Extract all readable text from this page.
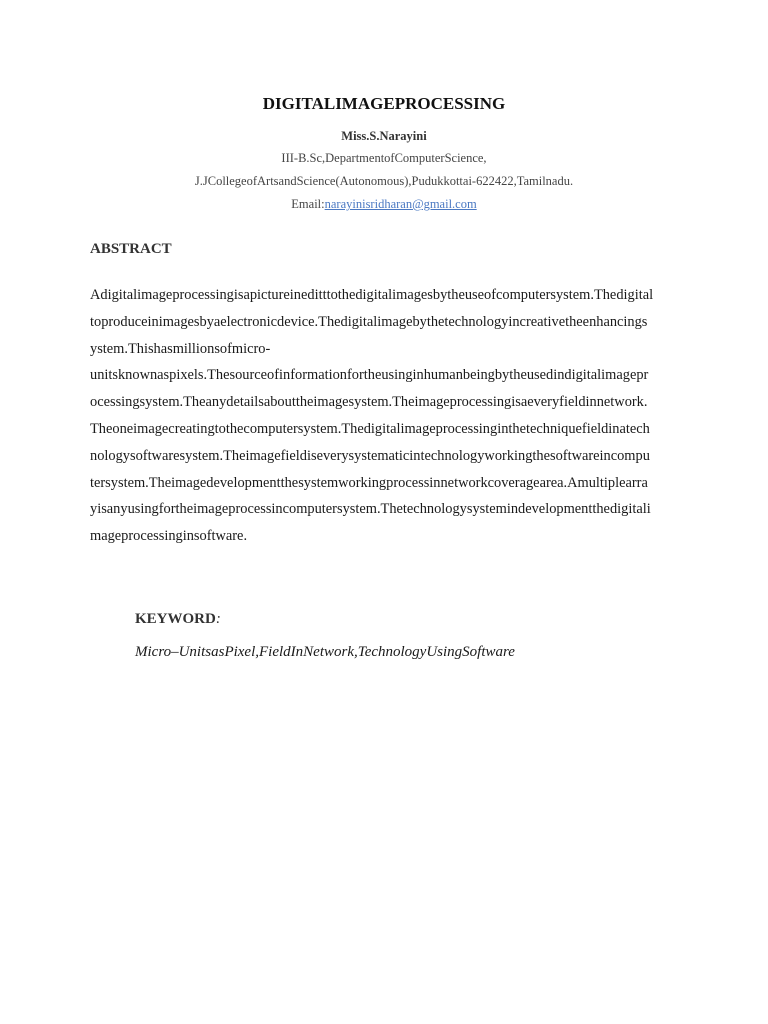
DIGITALIMAGEPROCESSING
Miss.S.Narayini
III-B.Sc,DepartmentofComputerScience,
J.JCollegeofArtsandScience(Autonomous),Pudukkottai-622422,Tamilnadu.
Email:narayinisridharan@gmail.com
ABSTRACT
Adigitalimageprocessingisapictureineditttothedigitalimagesbytheuseofcomputersystem.Thedigital
toproduceinimagesbyaelectronicdevice.Thedigitalimagebythetechnologyincreativetheenhancings
ystem.Thishasmillionsofmicro-
unitsknownaspixels.Thesourceofinformationfortheusinginhumanbeingbytheusedindigitalimagepr
ocessingsystem.Theanydetailsabouttheimagesystem.Theimageprocessingisaeveryfieldinnetwork.
Theoneimagecreatingtothecomputersystem.Thedigitalimageprocessinginthetechniquefieldinatech
nologysoftwaresystem.Theimagefieldiseverysystematicintechnologyworkingthesoftwareincompu
tersystem.Theimagedevelopmentthesystemworkingprocessinnetworkcoveragearea.Amultiplearra
yisanyusingfortheimageprocessincomputersystem.Thetechnologysystemindevelopmentthedigitali
mageprocessinginsoftware.
KEYWORD:
Micro–UnitsasPixel,FieldInNetwork,TechnologyUsingSoftware
